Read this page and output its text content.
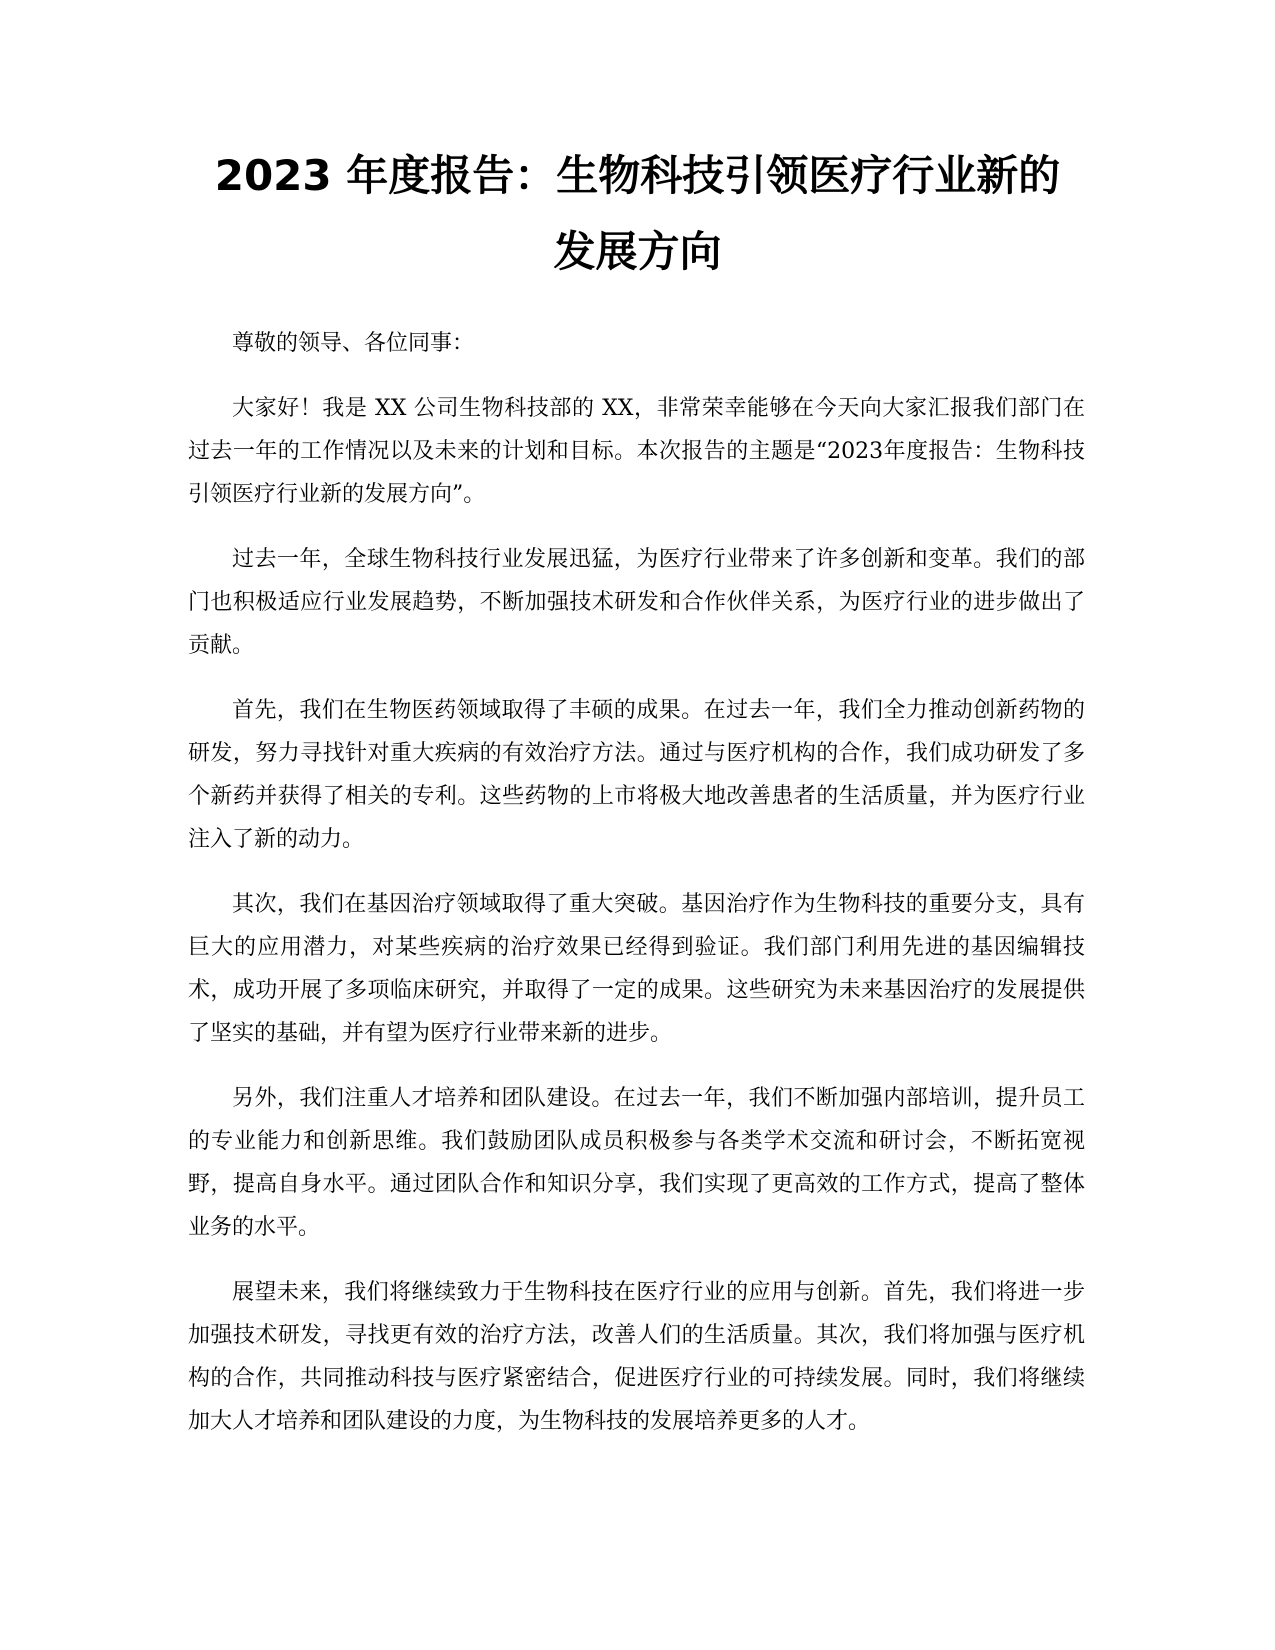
2023 年度报告：生物科技引领医疗行业新的
发展方向

尊敬的领导、各位同事：

大家好！我是 XX 公司生物科技部的 XX，非常荣幸能够在今天向大家汇报我们部门在过去一年的工作情况以及未来的计划和目标。本次报告的主题是“2023年度报告：生物科技引领医疗行业新的发展方向”。

过去一年，全球生物科技行业发展迅猛，为医疗行业带来了许多创新和变革。我们的部门也积极适应行业发展趋势，不断加强技术研发和合作伙伴关系，为医疗行业的进步做出了贡献。

首先，我们在生物医药领域取得了丰硕的成果。在过去一年，我们全力推动创新药物的研发，努力寻找针对重大疾病的有效治疗方法。通过与医疗机构的合作，我们成功研发了多个新药并获得了相关的专利。这些药物的上市将极大地改善患者的生活质量，并为医疗行业注入了新的动力。

其次，我们在基因治疗领域取得了重大突破。基因治疗作为生物科技的重要分支，具有巨大的应用潜力，对某些疾病的治疗效果已经得到验证。我们部门利用先进的基因编辑技术，成功开展了多项临床研究，并取得了一定的成果。这些研究为未来基因治疗的发展提供了坚实的基础，并有望为医疗行业带来新的进步。

另外，我们注重人才培养和团队建设。在过去一年，我们不断加强内部培训，提升员工的专业能力和创新思维。我们鼓励团队成员积极参与各类学术交流和研讨会，不断拓宽视野，提高自身水平。通过团队合作和知识分享，我们实现了更高效的工作方式，提高了整体业务的水平。

展望未来，我们将继续致力于生物科技在医疗行业的应用与创新。首先，我们将进一步加强技术研发，寻找更有效的治疗方法，改善人们的生活质量。其次，我们将加强与医疗机构的合作，共同推动科技与医疗紧密结合，促进医疗行业的可持续发展。同时，我们将继续加大人才培养和团队建设的力度，为生物科技的发展培养更多的人才。
